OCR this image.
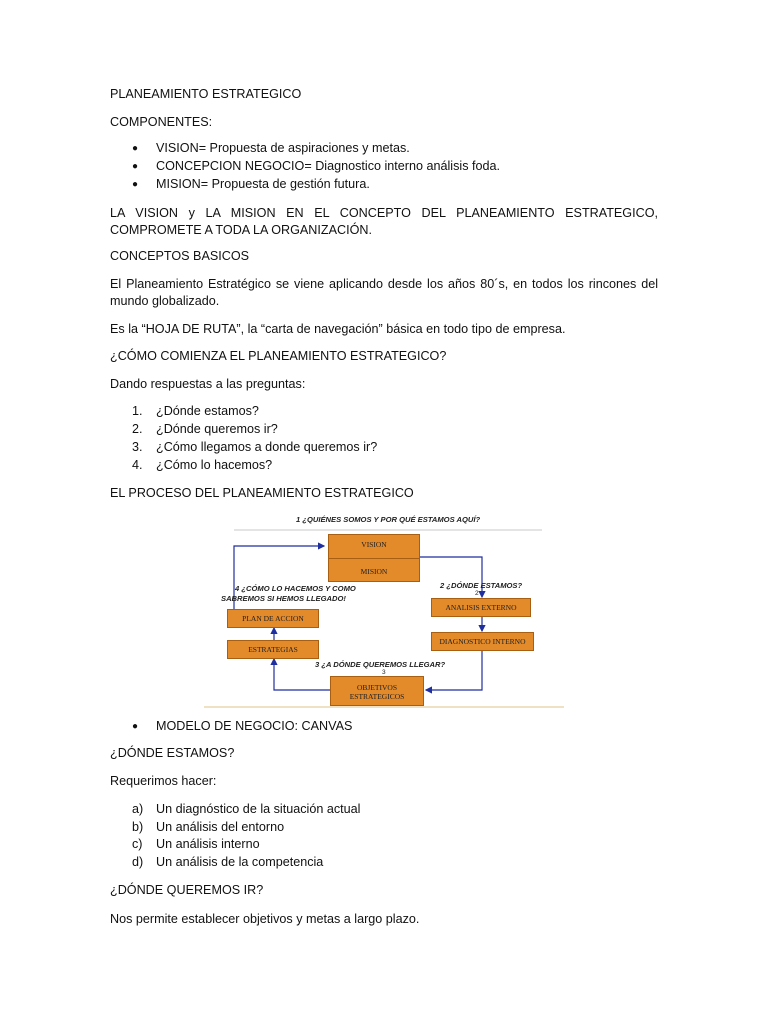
PLANEAMIENTO ESTRATEGICO
COMPONENTES:
● VISION= Propuesta de aspiraciones y metas.
● CONCEPCION NEGOCIO= Diagnostico interno análisis foda.
● MISION= Propuesta de gestión futura.
LA VISION y LA MISION EN EL CONCEPTO DEL PLANEAMIENTO ESTRATEGICO, COMPROMETE A TODA LA ORGANIZACIÓN.
CONCEPTOS BASICOS
El Planeamiento Estratégico se viene aplicando desde los años 80´s, en todos los rincones del mundo globalizado.
Es la “HOJA DE RUTA”, la “carta de navegación” básica en todo tipo de empresa.
¿CÓMO COMIENZA EL PLANEAMIENTO ESTRATEGICO?
Dando respuestas a las preguntas:
1. ¿Dónde estamos?
2. ¿Dónde queremos ir?
3. ¿Cómo llegamos a donde queremos ir?
4. ¿Cómo lo hacemos?
EL PROCESO DEL PLANEAMIENTO ESTRATEGICO
1 ¿QUIÉNES SOMOS Y POR QUÉ ESTAMOS AQUÍ?
VISION
MISION
2 ¿DÓNDE ESTAMOS?
2
ANALISIS EXTERNO
DIAGNOSTICO INTERNO
3 ¿A DÓNDE QUEREMOS LLEGAR?
3
OBJETIVOS
ESTRATEGICOS
4 ¿CÓMO LO HACEMOS Y COMO
SABREMOS SI HEMOS LLEGADO!
PLAN DE ACCION
ESTRATEGIAS
● MODELO DE NEGOCIO: CANVAS
¿DÓNDE ESTAMOS?
Requerimos hacer:
a) Un diagnóstico de la situación actual
b) Un análisis del entorno
c) Un análisis interno
d) Un análisis de la competencia
¿DÓNDE QUEREMOS IR?
Nos permite establecer objetivos y metas a largo plazo.
